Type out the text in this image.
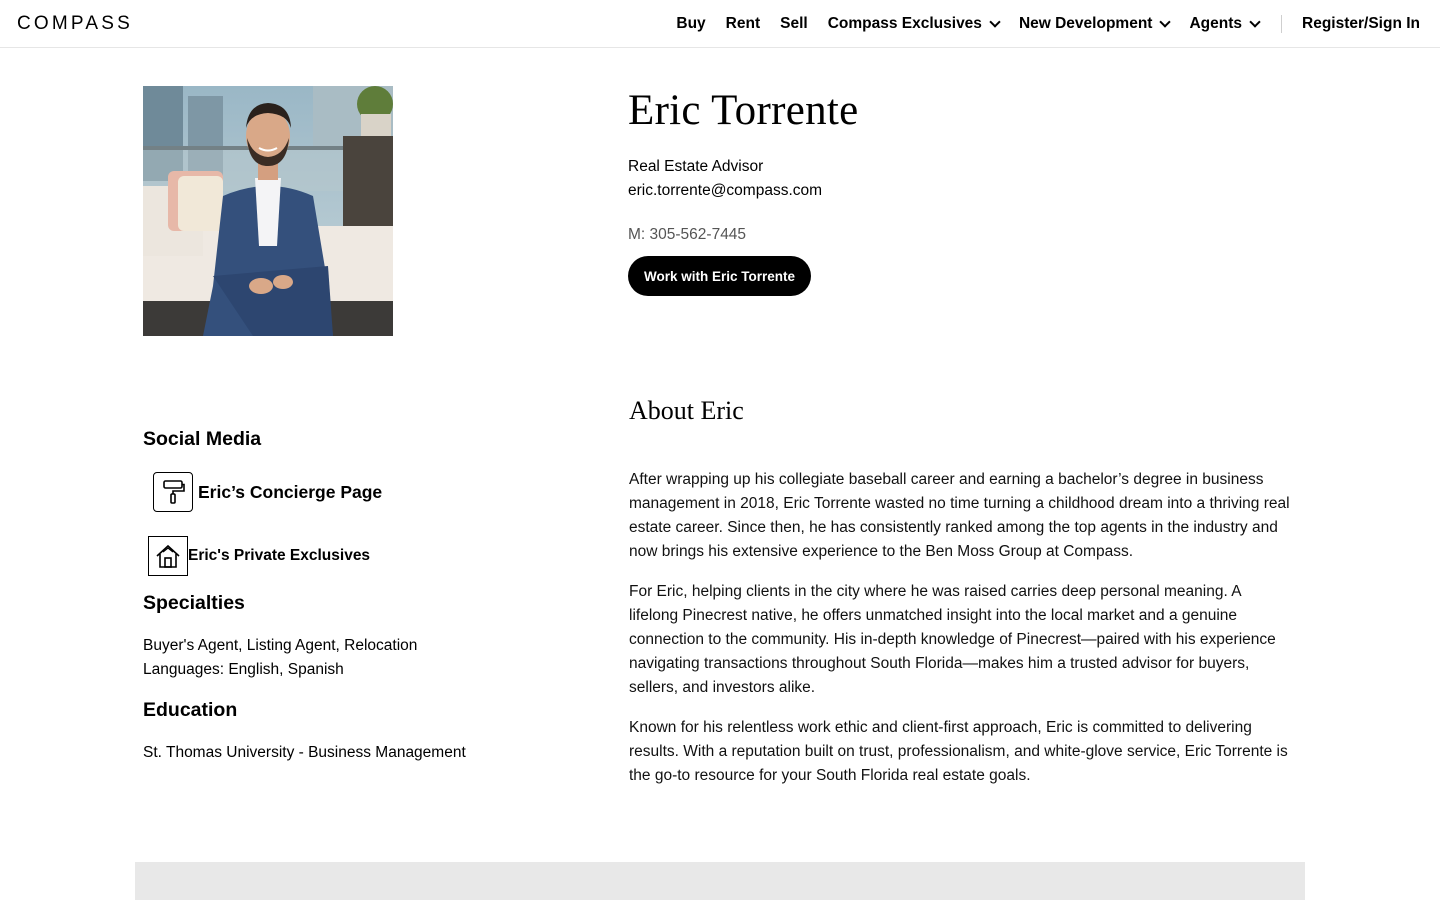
COMPASS	Buy Rent Sell Compass Exclusives New Development Agents	Register/Sign In
Eric Torrente
Real Estate Advisor
eric.torrente@compass.com
M: 305-562-7445
Work with Eric Torrente
Social Media
Eric’s Concierge Page
Eric's Private Exclusives
Specialties
Buyer's Agent, Listing Agent, Relocation
Languages: English, Spanish
Education
St. Thomas University - Business Management
About Eric

After wrapping up his collegiate baseball career and earning a bachelor’s degree in business management in 2018, Eric Torrente wasted no time turning a childhood dream into a thriving real estate career. Since then, he has consistently ranked among the top agents in the industry and now brings his extensive experience to the Ben Moss Group at Compass.

For Eric, helping clients in the city where he was raised carries deep personal meaning. A lifelong Pinecrest native, he offers unmatched insight into the local market and a genuine connection to the community. His in-depth knowledge of Pinecrest—paired with his experience navigating transactions throughout South Florida—makes him a trusted advisor for buyers, sellers, and investors alike.

Known for his relentless work ethic and client-first approach, Eric is committed to delivering results. With a reputation built on trust, professionalism, and white-glove service, Eric Torrente is the go-to resource for your South Florida real estate goals.
